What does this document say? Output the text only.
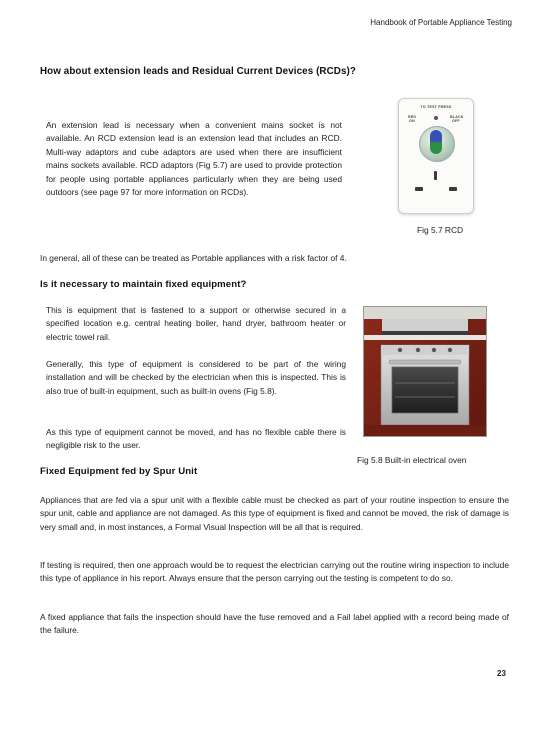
Handbook of Portable Appliance Testing
How about extension leads and Residual Current Devices (RCDs)?
An extension lead is necessary when a convenient mains socket is not available. An RCD extension lead is an extension lead that includes an RCD. Multi-way adaptors and cube adaptors are used when there are insufficient mains sockets available. RCD adaptors (Fig 5.7) are used to provide protection for people using portable appliances particularly when they are being used outdoors (see page 97 for more information on RCDs).
TO TEST PRESS
RED
ON
BLACK
OFF
Fig 5.7 RCD
In general, all of these can be treated as Portable appliances with a risk factor of 4.
Is it necessary to maintain fixed equipment?
This is equipment that is fastened to a support or otherwise secured in a specified location e.g. central heating boiler, hand dryer, bathroom heater or electric towel rail.
Generally, this type of equipment is considered to be part of the wiring installation and will be checked by the electrician when this is inspected. This is also true of built-in equipment, such as built-in ovens (Fig 5.8).
As this type of equipment cannot be moved, and has no flexible cable there is negligible risk to the user.
Fig 5.8 Built-in electrical oven
Fixed Equipment fed by Spur Unit
Appliances that are fed via a spur unit with a flexible cable must be checked as part of your routine inspection to ensure the spur unit, cable and appliance are not damaged. As this type of equipment is fixed and cannot be moved, the risk of damage is very small and, in most instances, a Formal Visual Inspection will be all that is required.
If testing is required, then one approach would be to request the electrician carrying out the routine wiring inspection to include this type of appliance in his report. Always ensure that the person carrying out the testing is competent to do so.
A fixed appliance that fails the inspection should have the fuse removed and a Fail label applied with a record being made of the failure.
23
